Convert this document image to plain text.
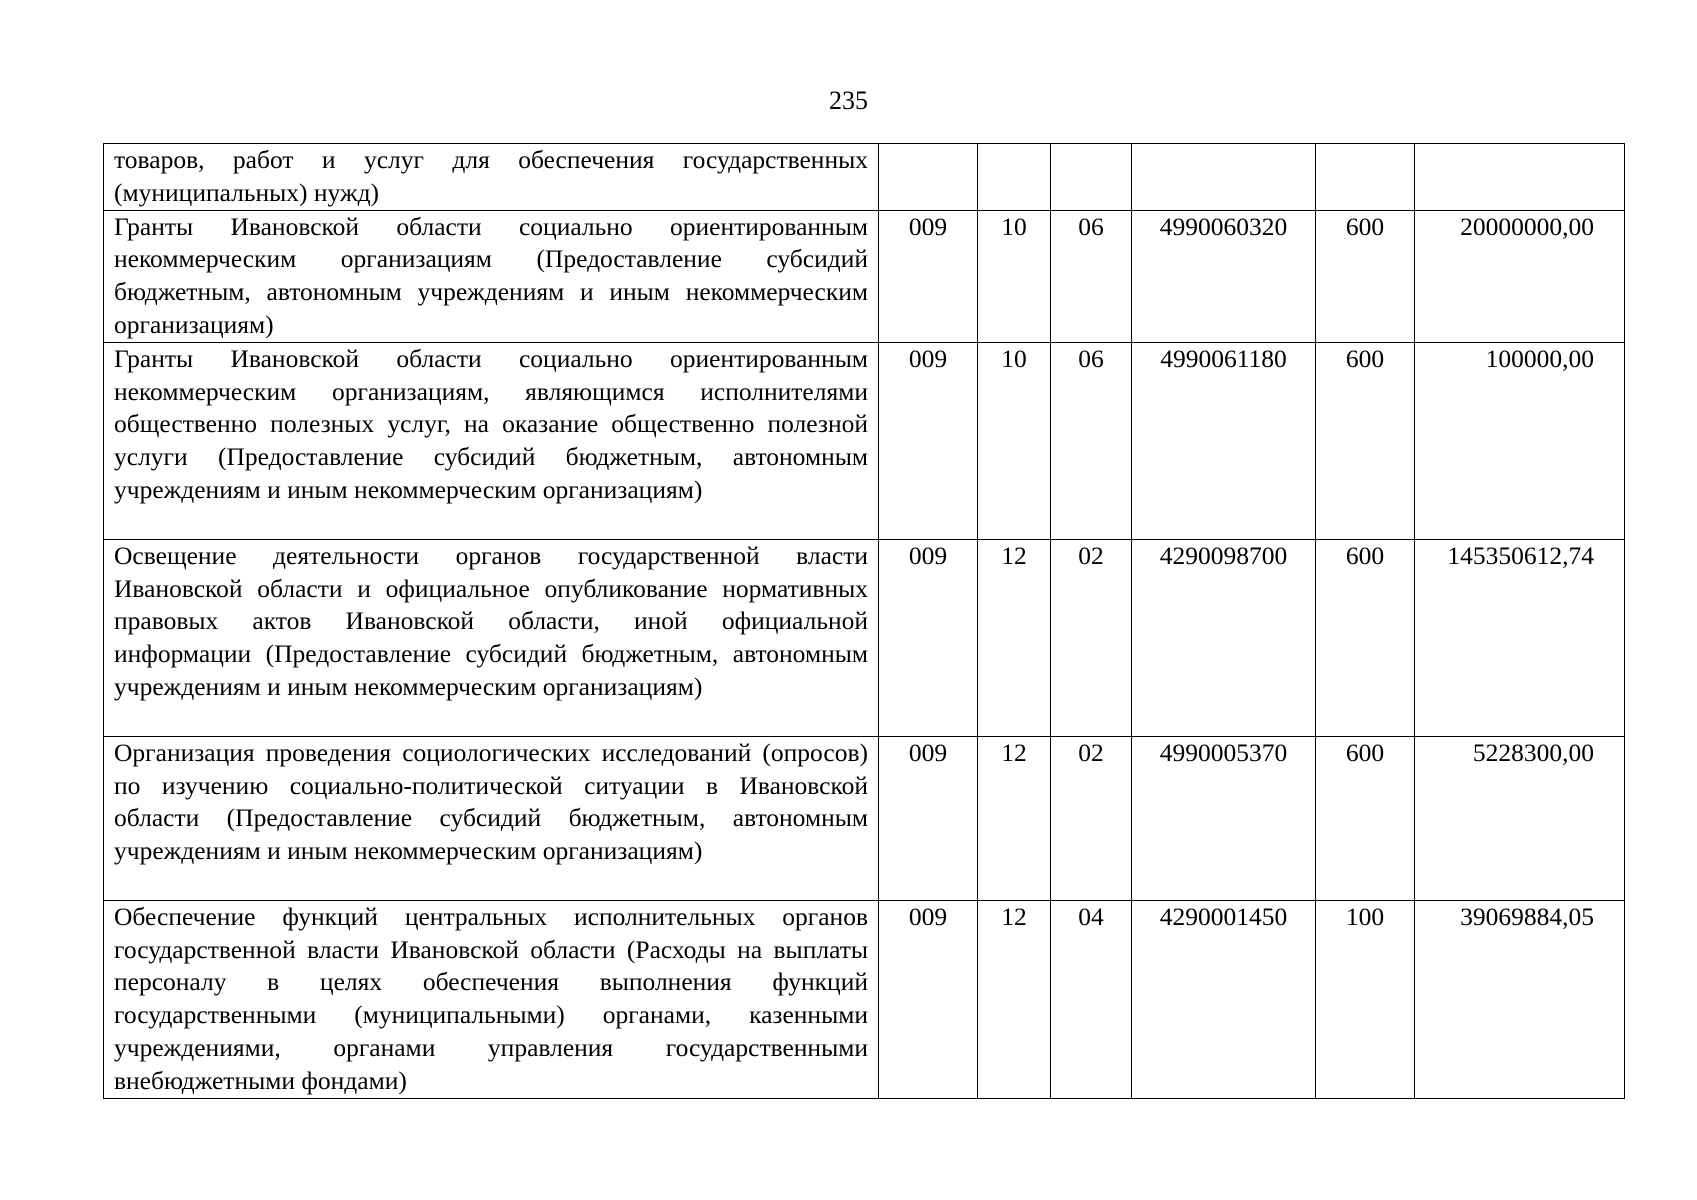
235
товаров, работ и услуг для обеспечения государственных (муниципальных) нужд)						
Гранты Ивановской области социально ориентированным некоммерческим организациям (Предоставление субсидий бюджетным, автономным учреждениям и иным некоммерческим организациям)	009	10	06	4990060320	600	20000000,00
Гранты Ивановской области социально ориентированным некоммерческим организациям, являющимся исполнителями общественно полезных услуг, на оказание общественно полезной услуги (Предоставление субсидий бюджетным, автономным учреждениям и иным некоммерческим организациям)	009	10	06	4990061180	600	100000,00
Освещение деятельности органов государственной власти Ивановской области и официальное опубликование нормативных правовых актов Ивановской области, иной официальной информации (Предоставление субсидий бюджетным, автономным учреждениям и иным некоммерческим организациям)	009	12	02	4290098700	600	145350612,74
Организация проведения социологических исследований (опросов) по изучению социально-политической ситуации в Ивановской области (Предоставление субсидий бюджетным, автономным учреждениям и иным некоммерческим организациям)	009	12	02	4990005370	600	5228300,00
Обеспечение функций центральных исполнительных органов государственной власти Ивановской области (Расходы на выплаты персоналу в целях обеспечения выполнения функций государственными (муниципальными) органами, казенными учреждениями, органами управления государственными внебюджетными фондами)	009	12	04	4290001450	100	39069884,05
